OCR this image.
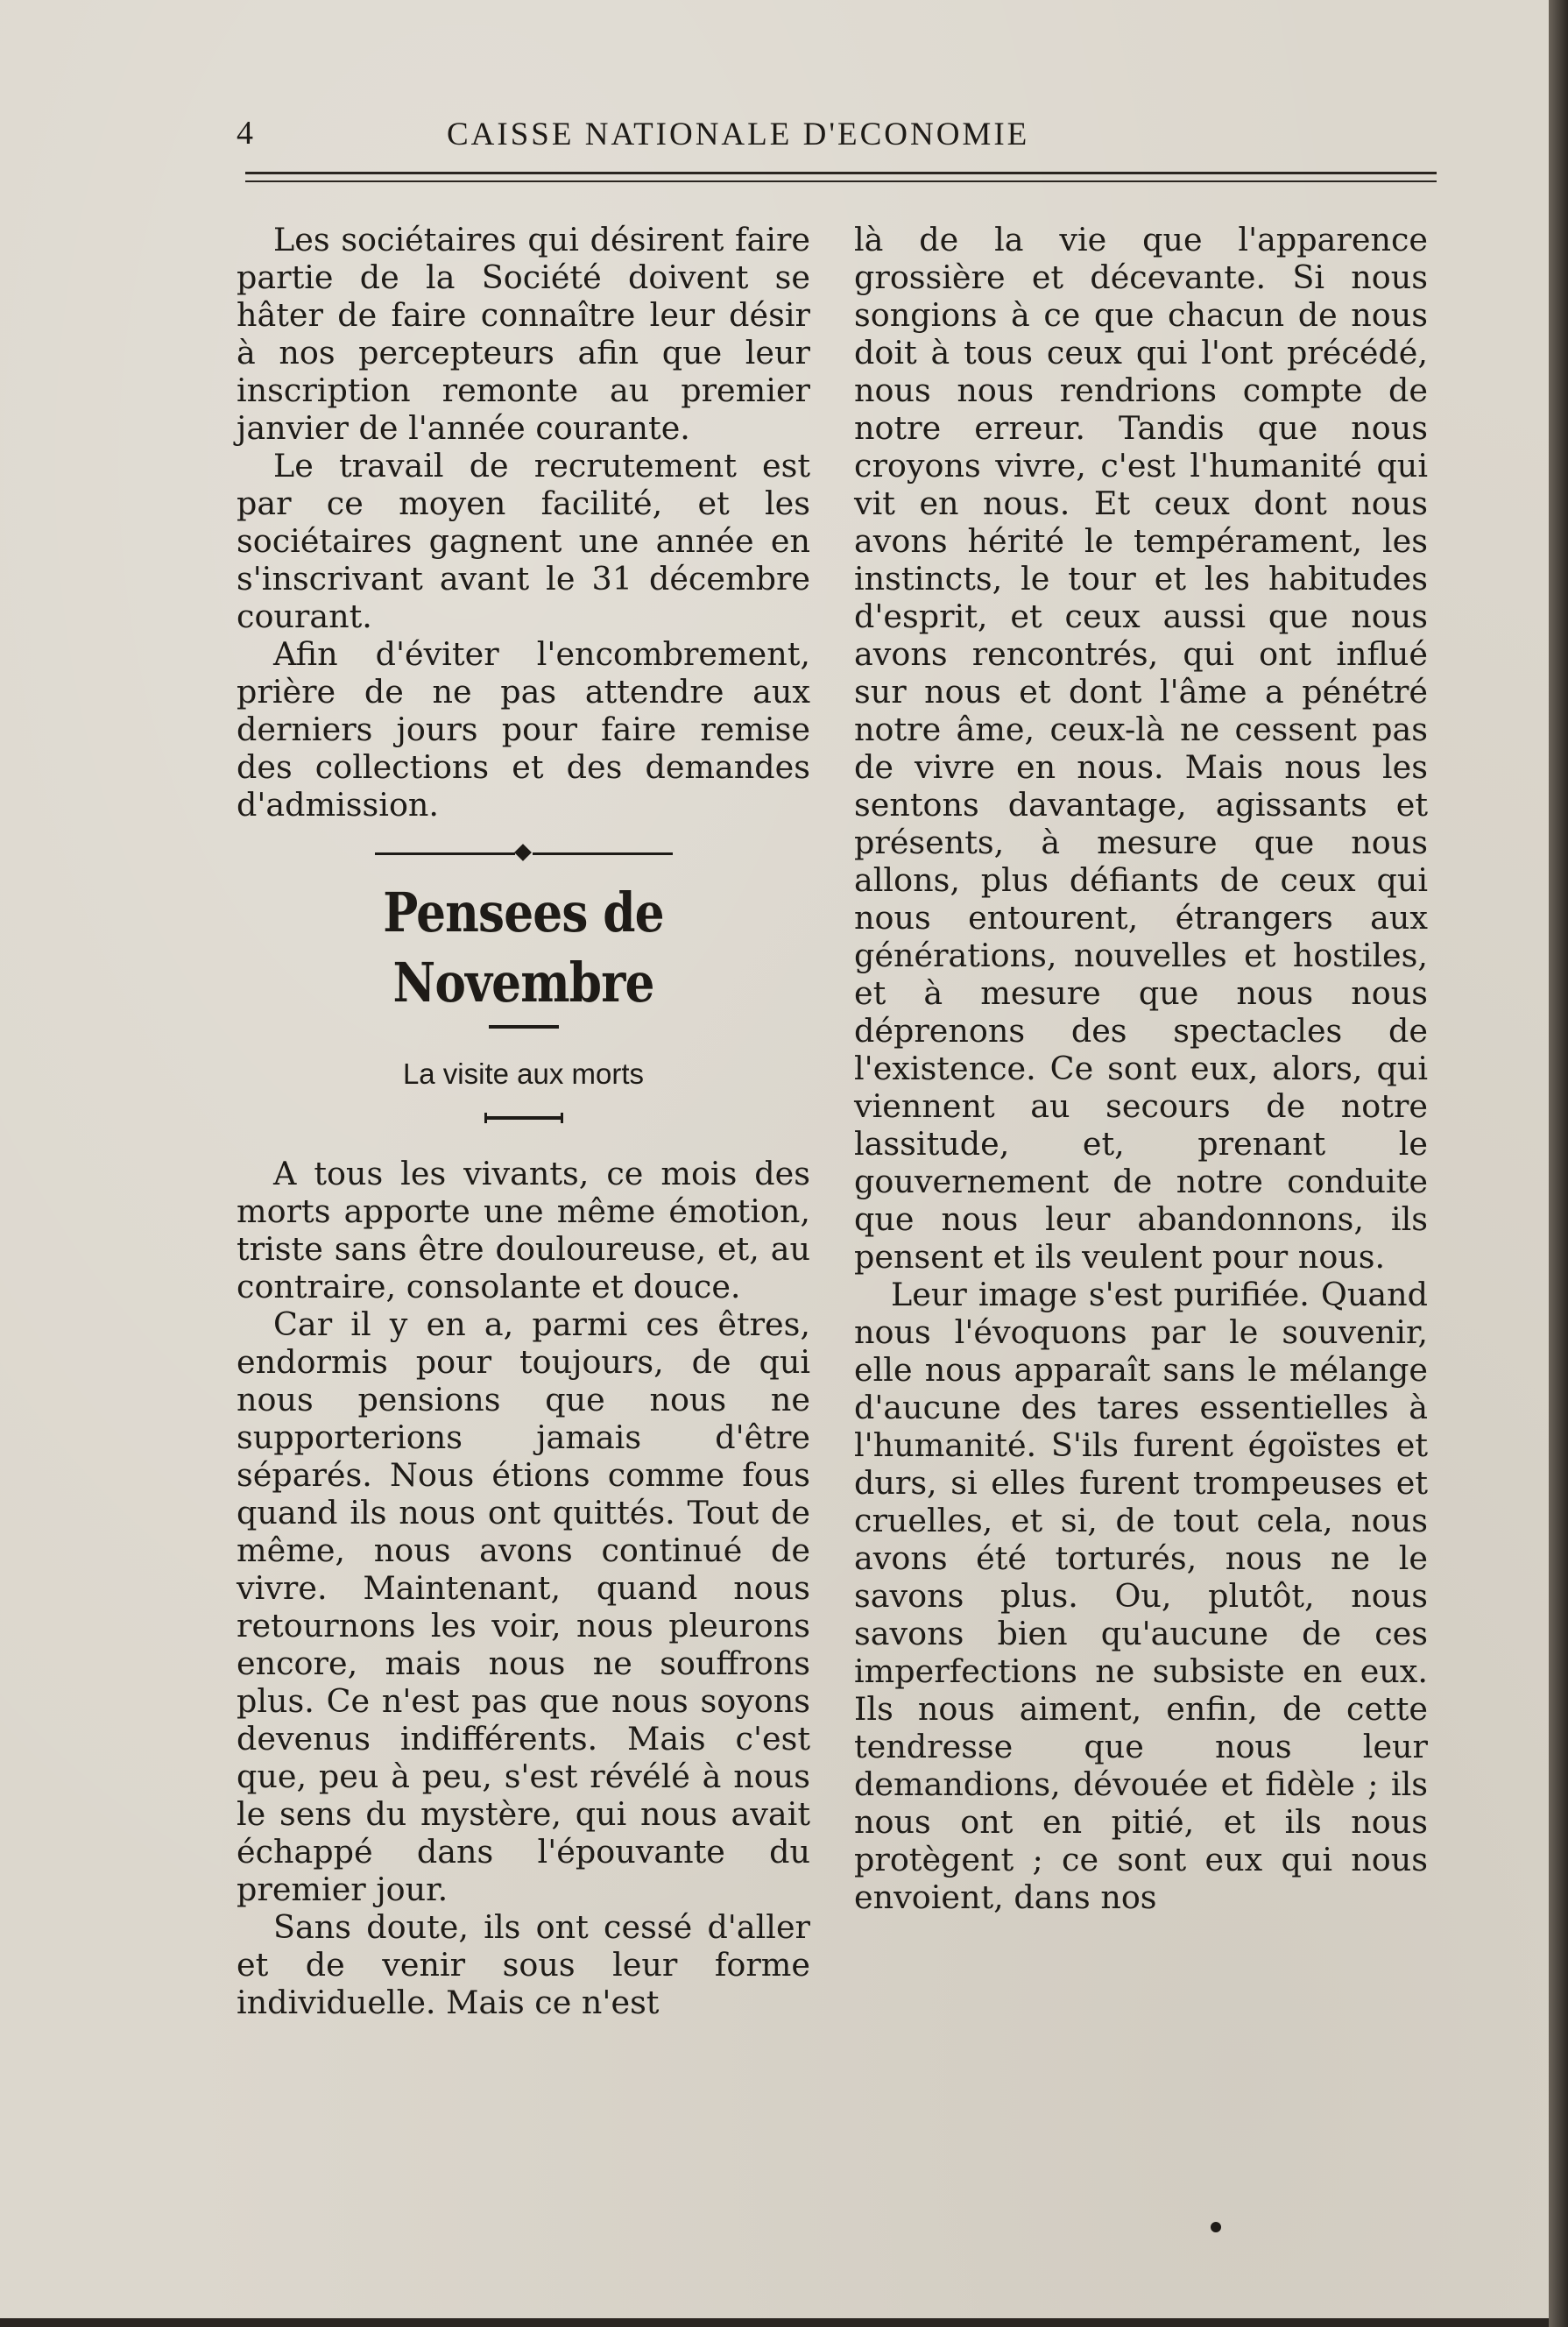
4	CAISSE NATIONALE D'ECONOMIE

Les sociétaires qui désirent faire partie de la Société doivent se hâter de faire connaître leur désir à nos percepteurs afin que leur inscription remonte au premier janvier de l'année courante.

Le travail de recrutement est par ce moyen facilité, et les sociétaires gagnent une année en s'inscrivant avant le 31 décembre courant.

Afin d'éviter l'encombrement, prière de ne pas attendre aux derniers jours pour faire remise des collections et des demandes d'admission.

Pensees de Novembre
La visite aux morts

A tous les vivants, ce mois des morts apporte une même émotion, triste sans être douloureuse, et, au contraire, consolante et douce.

Car il y en a, parmi ces êtres, endormis pour toujours, de qui nous pensions que nous ne supporterions jamais d'être séparés. Nous étions comme fous quand ils nous ont quittés. Tout de même, nous avons continué de vivre. Maintenant, quand nous retournons les voir, nous pleurons encore, mais nous ne souffrons plus. Ce n'est pas que nous soyons devenus indifférents. Mais c'est que, peu à peu, s'est révélé à nous le sens du mystère, qui nous avait échappé dans l'épouvante du premier jour.

Sans doute, ils ont cessé d'aller et de venir sous leur forme individuelle. Mais ce n'est

là de la vie que l'apparence grossière et décevante. Si nous songions à ce que chacun de nous doit à tous ceux qui l'ont précédé, nous nous rendrions compte de notre erreur. Tandis que nous croyons vivre, c'est l'humanité qui vit en nous. Et ceux dont nous avons hérité le tempérament, les instincts, le tour et les habitudes d'esprit, et ceux aussi que nous avons rencontrés, qui ont influé sur nous et dont l'âme a pénétré notre âme, ceux-là ne cessent pas de vivre en nous. Mais nous les sentons davantage, agissants et présents, à mesure que nous allons, plus défiants de ceux qui nous entourent, étrangers aux générations, nouvelles et hostiles, et à mesure que nous nous déprenons des spectacles de l'existence. Ce sont eux, alors, qui viennent au secours de notre lassitude, et, prenant le gouvernement de notre conduite que nous leur abandonnons, ils pensent et ils veulent pour nous.

Leur image s'est purifiée. Quand nous l'évoquons par le souvenir, elle nous apparaît sans le mélange d'aucune des tares essentielles à l'humanité. S'ils furent égoïstes et durs, si elles furent trompeuses et cruelles, et si, de tout cela, nous avons été torturés, nous ne le savons plus. Ou, plutôt, nous savons bien qu'aucune de ces imperfections ne subsiste en eux. Ils nous aiment, enfin, de cette tendresse que nous leur demandions, dévouée et fidèle ; ils nous ont en pitié, et ils nous protègent ; ce sont eux qui nous envoient, dans nos
